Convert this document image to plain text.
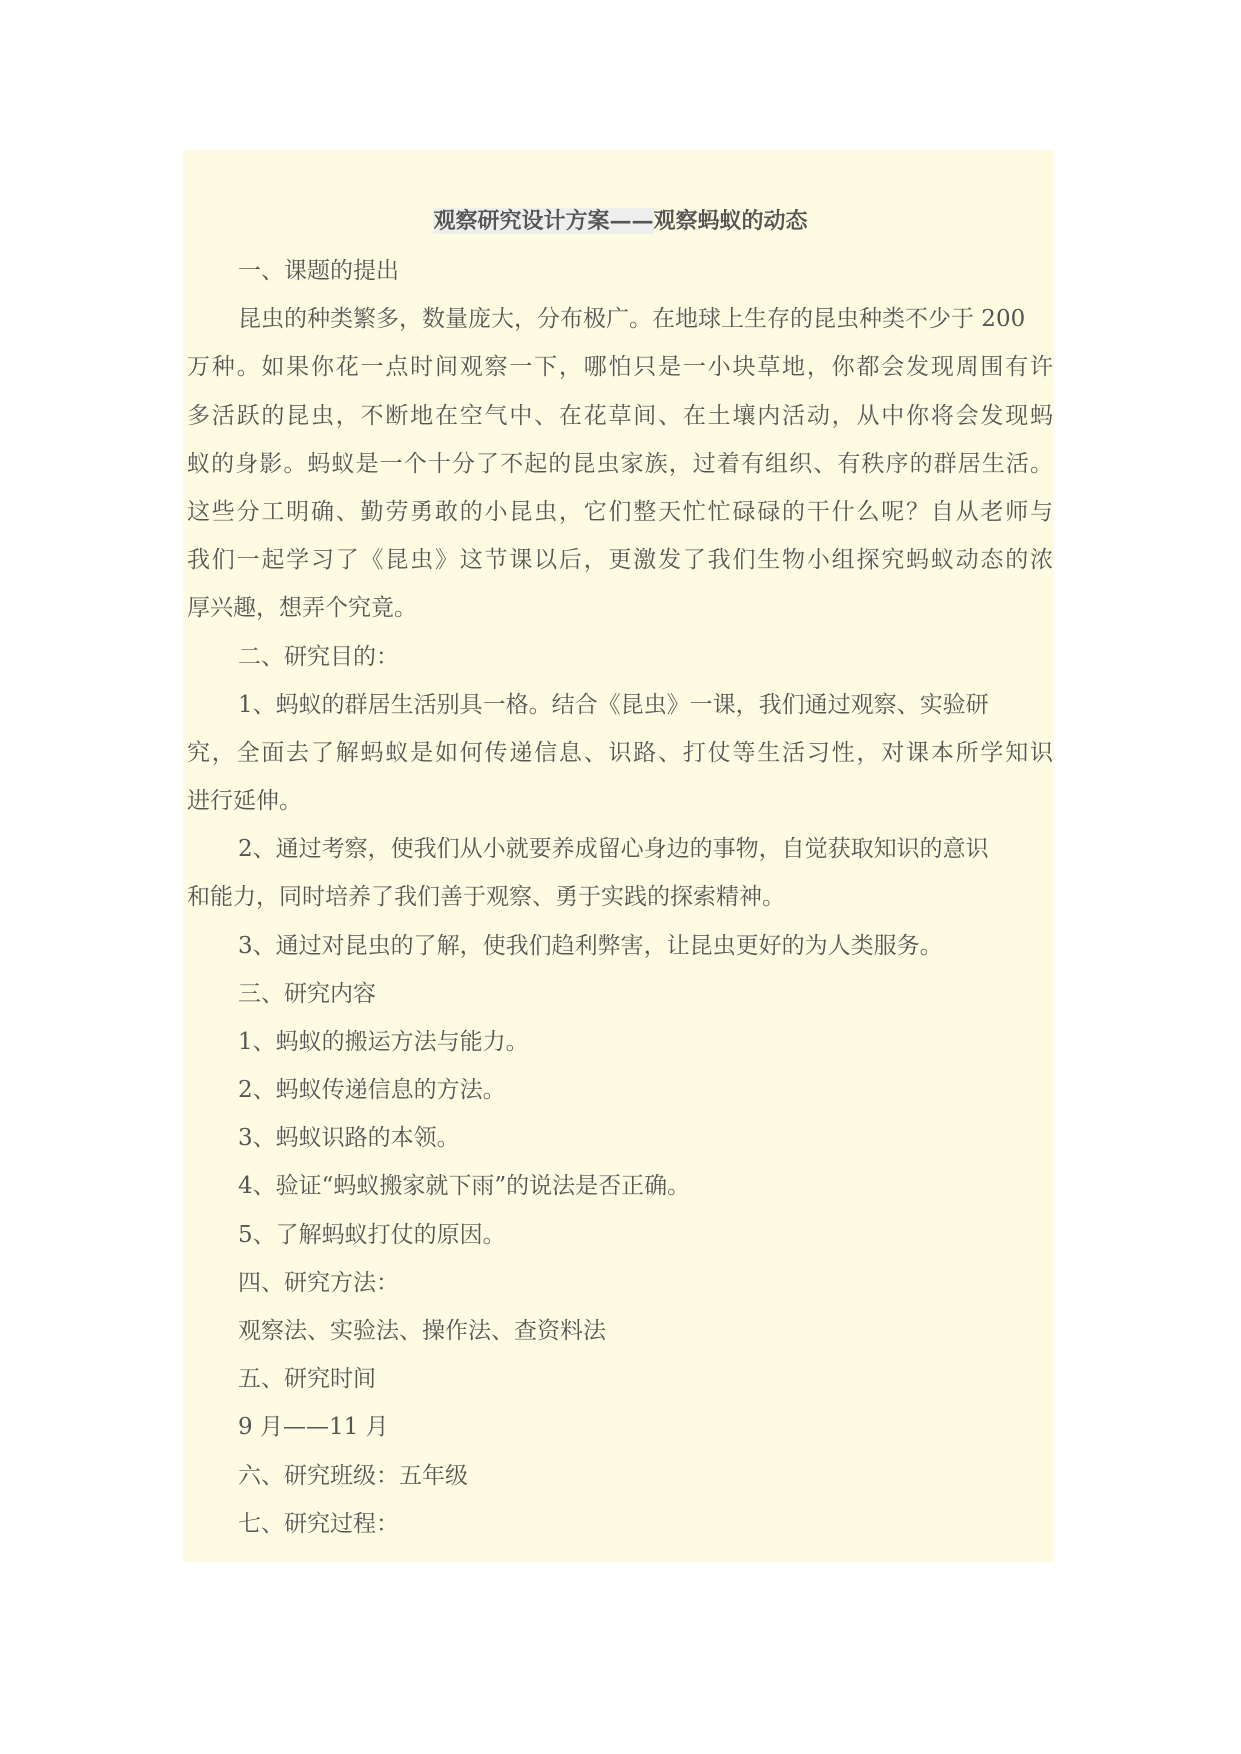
观察研究设计方案——观察蚂蚁的动态
一、课题的提出
昆虫的种类繁多，数量庞大，分布极广。在地球上生存的昆虫种类不少于 200
万种。如果你花一点时间观察一下，哪怕只是一小块草地，你都会发现周围有许
多活跃的昆虫，不断地在空气中、在花草间、在土壤内活动，从中你将会发现蚂
蚁的身影。蚂蚁是一个十分了不起的昆虫家族，过着有组织、有秩序的群居生活。
这些分工明确、勤劳勇敢的小昆虫，它们整天忙忙碌碌的干什么呢？自从老师与
我们一起学习了《昆虫》这节课以后，更激发了我们生物小组探究蚂蚁动态的浓
厚兴趣，想弄个究竟。
二、研究目的：
1、蚂蚁的群居生活别具一格。结合《昆虫》一课，我们通过观察、实验研
究，全面去了解蚂蚁是如何传递信息、识路、打仗等生活习性，对课本所学知识
进行延伸。
2、通过考察，使我们从小就要养成留心身边的事物，自觉获取知识的意识
和能力，同时培养了我们善于观察、勇于实践的探索精神。
3、通过对昆虫的了解，使我们趋利弊害，让昆虫更好的为人类服务。
三、研究内容
1、蚂蚁的搬运方法与能力。
2、蚂蚁传递信息的方法。
3、蚂蚁识路的本领。
4、验证“蚂蚁搬家就下雨”的说法是否正确。
5、了解蚂蚁打仗的原因。
四、研究方法：
观察法、实验法、操作法、查资料法
五、研究时间
9 月——11 月
六、研究班级：五年级
七、研究过程：
